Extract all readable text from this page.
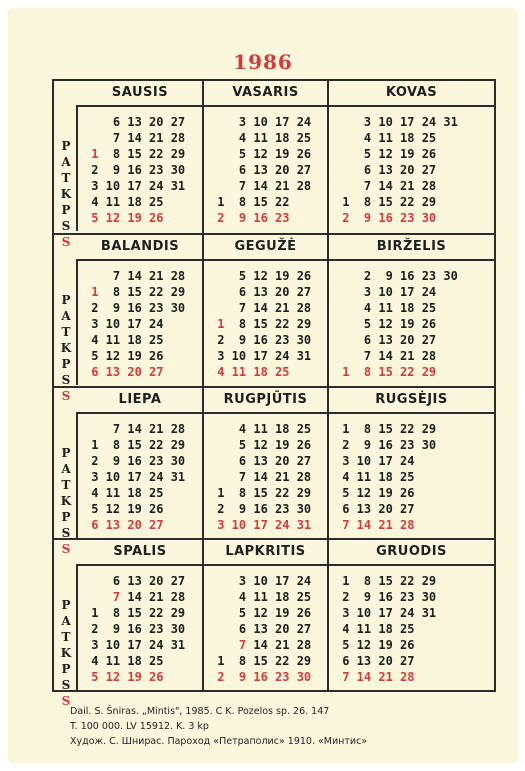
1986
P
A
T
K
P
S
S
SAUSIS
6 13 20 27
7 14 21 28
1  8 15 22 29
2  9 16 23 30
3 10 17 24 31
4 11 18 25
5 12 19 26
VASARIS
3 10 17 24
4 11 18 25
5 12 19 26
6 13 20 27
7 14 21 28
1  8 15 22
2  9 16 23
KOVAS
3 10 17 24 31
4 11 18 25
5 12 19 26
6 13 20 27
7 14 21 28
1  8 15 22 29
2  9 16 23 30
P
A
T
K
P
S
S
BALANDIS
7 14 21 28
1  8 15 22 29
2  9 16 23 30
3 10 17 24
4 11 18 25
5 12 19 26
6 13 20 27
GEGUŽĖ
5 12 19 26
6 13 20 27
7 14 21 28
1  8 15 22 29
2  9 16 23 30
3 10 17 24 31
4 11 18 25
BIRŽELIS
2  9 16 23 30
3 10 17 24
4 11 18 25
5 12 19 26
6 13 20 27
7 14 21 28
1  8 15 22 29
P
A
T
K
P
S
S
LIEPA
7 14 21 28
1  8 15 22 29
2  9 16 23 30
3 10 17 24 31
4 11 18 25
5 12 19 26
6 13 20 27
RUGPJŪTIS
4 11 18 25
5 12 19 26
6 13 20 27
7 14 21 28
1  8 15 22 29
2  9 16 23 30
3 10 17 24 31
RUGSĖJIS
1  8 15 22 29
2  9 16 23 30
3 10 17 24
4 11 18 25
5 12 19 26
6 13 20 27
7 14 21 28
P
A
T
K
P
S
S
SPALIS
6 13 20 27
7 14 21 28
1  8 15 22 29
2  9 16 23 30
3 10 17 24 31
4 11 18 25
5 12 19 26
LAPKRITIS
3 10 17 24
4 11 18 25
5 12 19 26
6 13 20 27
7 14 21 28
1  8 15 22 29
2  9 16 23 30
GRUODIS
1  8 15 22 29
2  9 16 23 30
3 10 17 24 31
4 11 18 25
5 12 19 26
6 13 20 27
7 14 21 28
Dail. S. Šniras. „Mintis", 1985. C K. Pozelos sp. 26. 147
T. 100 000. LV 15912. K. 3 kp
Худож. С. Шнирас. Пароход «Петраполис» 1910. «Минтис»
